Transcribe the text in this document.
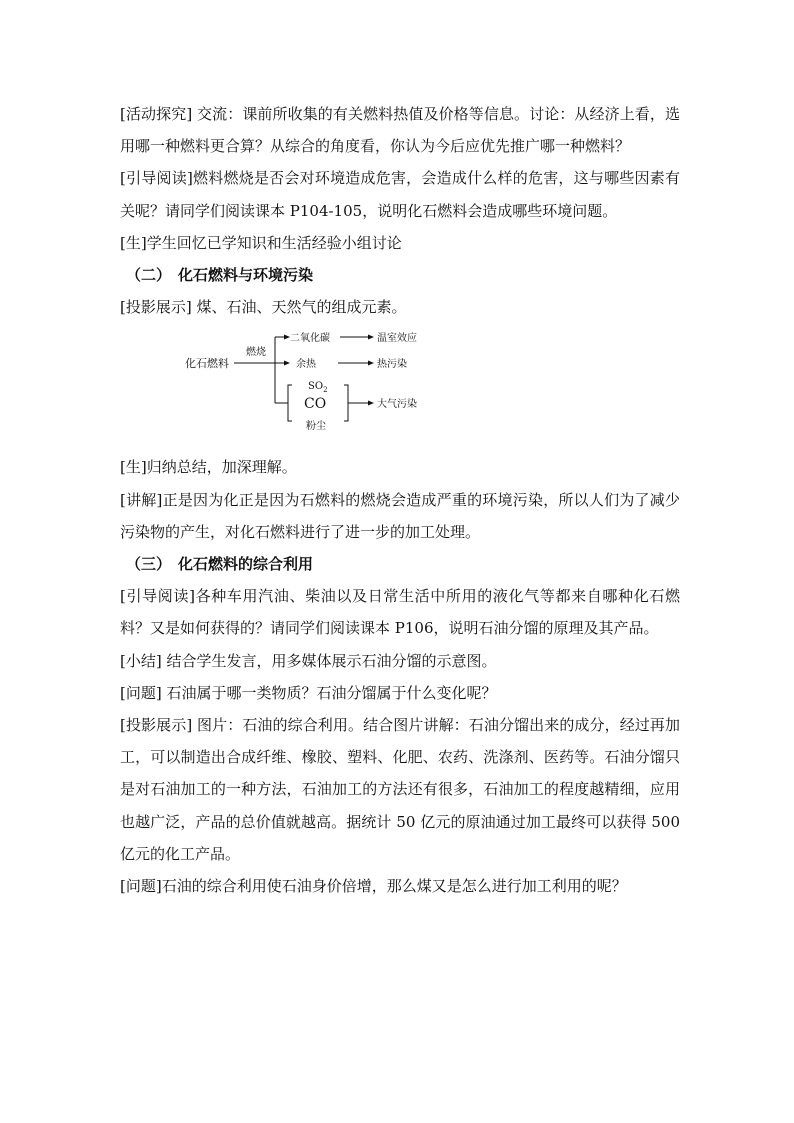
[活动探究] 交流：课前所收集的有关燃料热值及价格等信息。讨论：从经济上看，选用哪一种燃料更合算？从综合的角度看，你认为今后应优先推广哪一种燃料？

[引导阅读]燃料燃烧是否会对环境造成危害，会造成什么样的危害，这与哪些因素有关呢？请同学们阅读课本 P104-105，说明化石燃料会造成哪些环境问题。

[生]学生回忆已学知识和生活经验小组讨论

（二） 化石燃料与环境污染

[投影展示] 煤、石油、天然气的组成元素。

化石燃料
燃烧
二氧化碳
余热
温室效应
热污染
$SO_2$
CO
粉尘
大气污染

[生]归纳总结，加深理解。

[讲解]正是因为化正是因为石燃料的燃烧会造成严重的环境污染，所以人们为了减少污染物的产生，对化石燃料进行了进一步的加工处理。

（三） 化石燃料的综合利用

[引导阅读]各种车用汽油、柴油以及日常生活中所用的液化气等都来自哪种化石燃料？又是如何获得的？请同学们阅读课本 P106，说明石油分馏的原理及其产品。

[小结] 结合学生发言，用多媒体展示石油分馏的示意图。

[问题] 石油属于哪一类物质？石油分馏属于什么变化呢？

[投影展示] 图片：石油的综合利用。结合图片讲解：石油分馏出来的成分，经过再加工，可以制造出合成纤维、橡胶、塑料、化肥、农药、洗涤剂、医药等。石油分馏只是对石油加工的一种方法，石油加工的方法还有很多，石油加工的程度越精细，应用也越广泛，产品的总价值就越高。据统计 50 亿元的原油通过加工最终可以获得 500 亿元的化工产品。

[问题]石油的综合利用使石油身价倍增，那么煤又是怎么进行加工利用的呢？
